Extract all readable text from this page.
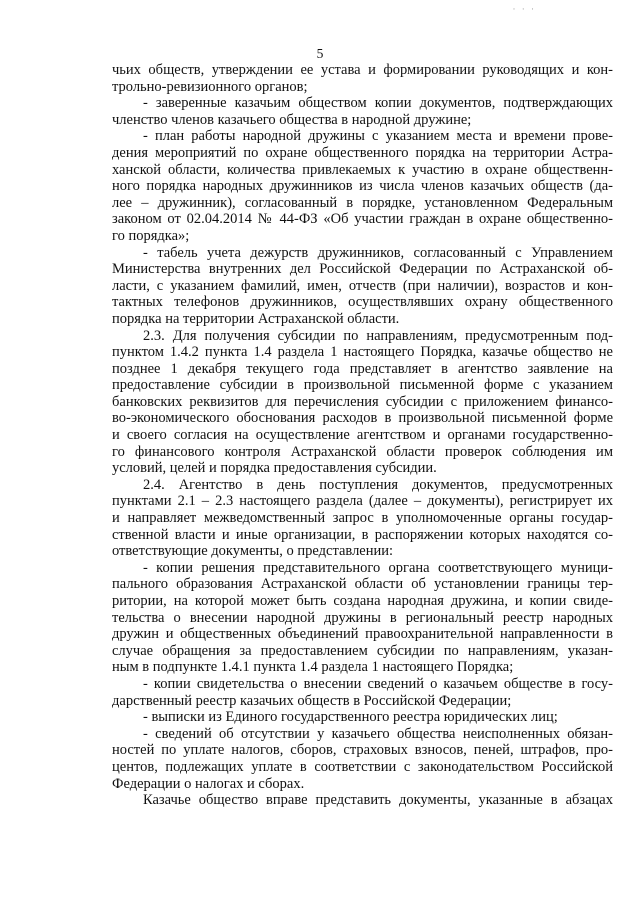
· · ·
5

чьих обществ, утверждении ее устава и формировании руководящих и кон-

трольно-ревизионного органов;

- заверенные казачьим обществом копии документов, подтверждающих

членство членов казачьего общества в народной дружине;

- план работы народной дружины с указанием места и времени прове-

дения мероприятий по охране общественного порядка на территории Астра-

ханской области, количества привлекаемых к участию в охране общественн-

ного порядка народных дружинников из числа членов казачьих обществ (да-

лее – дружинник), согласованный в порядке, установленном Федеральным

законом от 02.04.2014 № 44-ФЗ «Об участии граждан в охране общественно-

го порядка»;

- табель учета дежурств дружинников, согласованный с Управлением

Министерства внутренних дел Российской Федерации по Астраханской об-

ласти, с указанием фамилий, имен, отчеств (при наличии), возрастов и кон-

тактных телефонов дружинников, осуществлявших охрану общественного

порядка на территории Астраханской области.

2.3. Для получения субсидии по направлениям, предусмотренным под-

пунктом 1.4.2 пункта 1.4 раздела 1 настоящего Порядка, казачье общество не

позднее 1 декабря текущего года представляет в агентство заявление на

предоставление субсидии в произвольной письменной форме с указанием

банковских реквизитов для перечисления субсидии с приложением финансо-

во-экономического обоснования расходов в произвольной письменной форме

и своего согласия на осуществление агентством и органами государственно-

го финансового контроля Астраханской области проверок соблюдения им

условий, целей и порядка предоставления субсидии.

2.4. Агентство в день поступления документов, предусмотренных

пунктами 2.1 – 2.3 настоящего раздела (далее – документы), регистрирует их

и направляет межведомственный запрос в уполномоченные органы государ-

ственной власти и иные организации, в распоряжении которых находятся со-

ответствующие документы, о представлении:

- копии решения представительного органа соответствующего муници-

пального образования Астраханской области об установлении границы тер-

ритории, на которой может быть создана народная дружина, и копии свиде-

тельства о внесении народной дружины в региональный реестр народных

дружин и общественных объединений правоохранительной направленности в

случае обращения за предоставлением субсидии по направлениям, указан-

ным в подпункте 1.4.1 пункта 1.4 раздела 1 настоящего Порядка;

- копии свидетельства о внесении сведений о казачьем обществе в госу-

дарственный реестр казачьих обществ в Российской Федерации;

- выписки из Единого государственного реестра юридических лиц;

- сведений об отсутствии у казачьего общества неисполненных обязан-

ностей по уплате налогов, сборов, страховых взносов, пеней, штрафов, про-

центов, подлежащих уплате в соответствии с законодательством Российской

Федерации о налогах и сборах.

Казачье общество вправе представить документы, указанные в абзацах
